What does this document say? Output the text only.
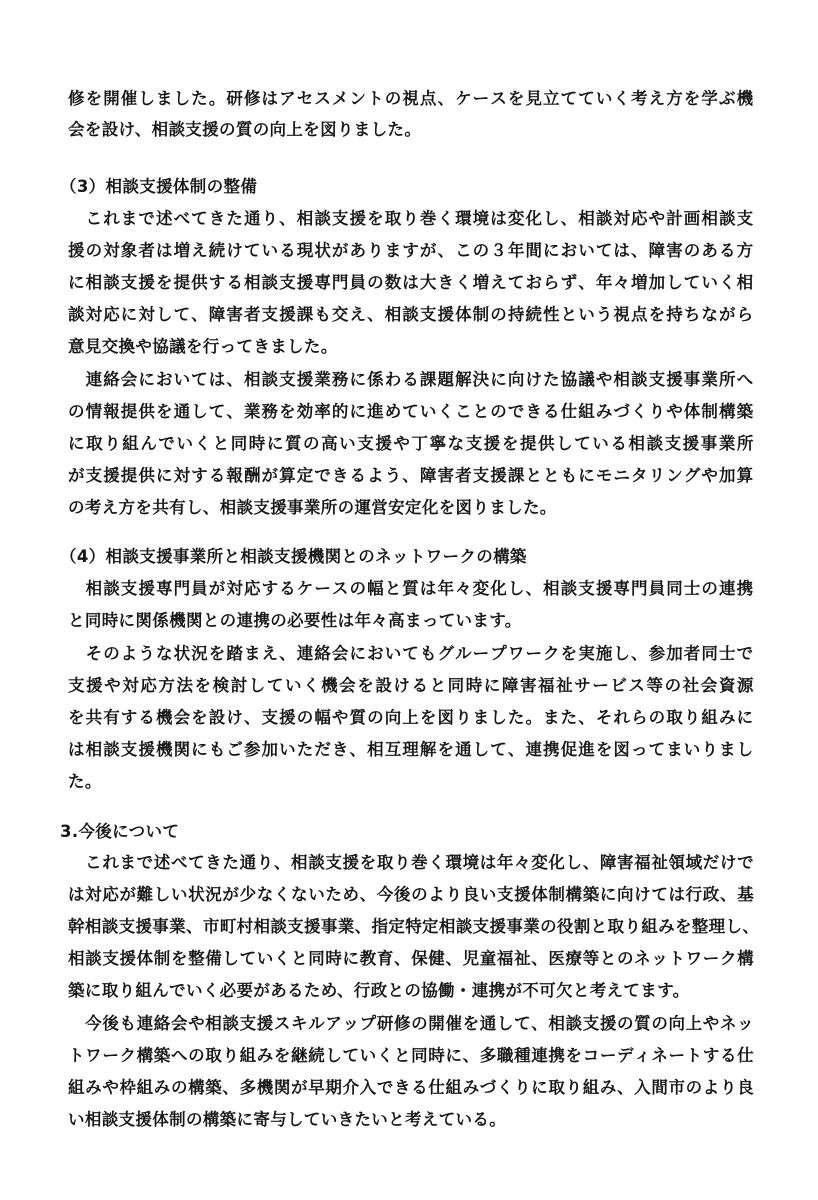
修 を 開 催 し ま し た 。 研 修 は ア セ ス メ ン ト の 視 点 、 ケ ー ス を 見 立 て て い く 考 え 方 を 学 ぶ 機
会を設け、相談支援の質の向上を図りました。
（3）相談支援体制の整備

こ れ ま で 述 べ て き た 通 り 、 相 談 支 援 を 取 り 巻 く 環 境 は 変 化 し 、 相 談 対 応 や 計 画 相 談 支
援 の 対 象 者 は 増 え 続 け て い る 現 状 が あ り ま す が 、 こ の ３ 年 間 に お い て は 、 障 害 の あ る 方
に 相 談 支 援 を 提 供 す る 相 談 支 援 専 門 員 の 数 は 大 き く 増 え て お ら ず 、 年 々 増 加 し て い く 相
談 対 応 に 対 し て 、 障 害 者 支 援 課 も 交 え 、 相 談 支 援 体 制 の 持 続 性 と い う 視 点 を 持 ち な が ら
意見交換や協議を行ってきました。

連 絡 会 に お い て は 、 相 談 支 援 業 務 に 係 わ る 課 題 解 決 に 向 け た 協 議 や 相 談 支 援 事 業 所 へ
の 情 報 提 供 を 通 し て 、 業 務 を 効 率 的 に 進 め て い く こ と の で き る 仕 組 み づ く り や 体 制 構 築
に 取 り 組 ん で い く と 同 時 に 質 の 高 い 支 援 や 丁 寧 な 支 援 を 提 供 し て い る 相 談 支 援 事 業 所
が 支 援 提 供 に 対 す る 報 酬 が 算 定 で き る よ う 、 障 害 者 支 援 課 と と も に モ ニ タ リ ン グ や 加 算
の考え方を共有し、相談支援事業所の運営安定化を図りました。
（4）相談支援事業所と相談支援機関とのネットワークの構築

相 談 支 援 専 門 員 が 対 応 す る ケ ー ス の 幅 と 質 は 年 々 変 化 し 、 相 談 支 援 専 門 員 同 士 の 連 携
と同時に関係機関との連携の必要性は年々高まっています。

そ の よ う な 状 況 を 踏 ま え 、 連 絡 会 に お い て も グ ル ー プ ワ ー ク を 実 施 し 、 参 加 者 同 士 で
支 援 や 対 応 方 法 を 検 討 し て い く 機 会 を 設 け る と 同 時 に 障 害 福 祉 サ ー ビ ス 等 の 社 会 資 源
を 共 有 す る 機 会 を 設 け 、 支 援 の 幅 や 質 の 向 上 を 図 り ま し た 。 ま た 、 そ れ ら の 取 り 組 み に
は 相 談 支 援 機 関 に も ご 参 加 い た だ き 、 相 互 理 解 を 通 し て 、 連 携 促 進 を 図 っ て ま い り ま し
た。
3.今後について

こ れ ま で 述 べ て き た 通 り 、 相 談 支 援 を 取 り 巻 く 環 境 は 年 々 変 化 し 、 障 害 福 祉 領 域 だ け で
は 対 応 が 難 し い 状 況 が 少 な く な い た め 、 今 後 の よ り 良 い 支 援 体 制 構 築 に 向 け て は 行 政 、 基
幹 相 談 支 援 事 業 、 市 町 村 相 談 支 援 事 業 、 指 定 特 定 相 談 支 援 事 業 の 役 割 と 取 り 組 み を 整 理 し 、
相 談 支 援 体 制 を 整 備 し て い く と 同 時 に 教 育 、 保 健 、 児 童 福 祉 、 医 療 等 と の ネ ッ ト ワ ー ク 構
築に取り組んでいく必要があるため、行政との協働・連携が不可欠と考えてます。

今 後 も 連 絡 会 や 相 談 支 援 ス キ ル ア ッ プ 研 修 の 開 催 を 通 し て 、 相 談 支 援 の 質 の 向 上 や ネ ッ
ト ワ ー ク 構 築 へ の 取 り 組 み を 継 続 し て い く と 同 時 に 、 多 職 種 連 携 を コ ー デ ィ ネ ー ト す る 仕
組 み や 枠 組 み の 構 築 、 多 機 関 が 早 期 介 入 で き る 仕 組 み づ く り に 取 り 組 み 、 入 間 市 の よ り 良
い相談支援体制の構築に寄与していきたいと考えている。
